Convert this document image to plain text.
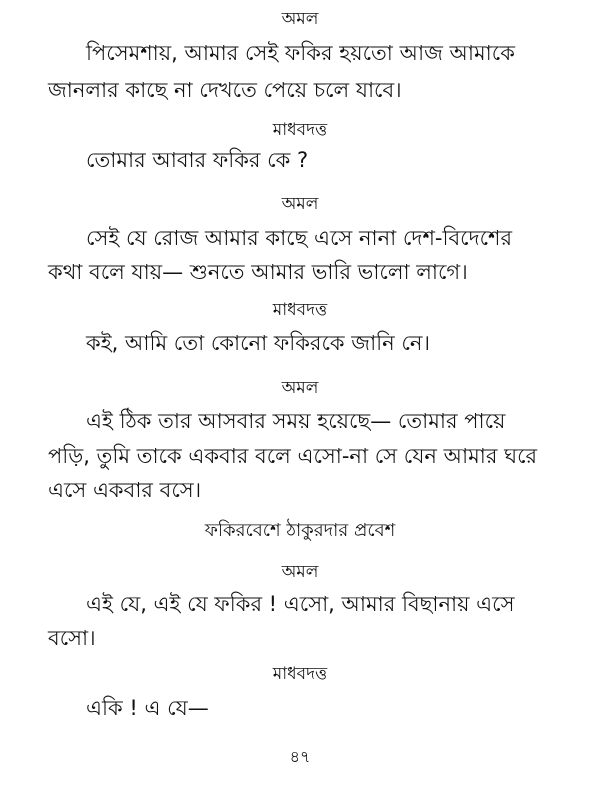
অমল
পিসেমশায়, আমার সেই ফকির হয়তো আজ আমাকে
জানলার কাছে না দেখতে পেয়ে চলে যাবে।
মাধবদত্ত
তোমার আবার ফকির কে ?
অমল
সেই যে রোজ আমার কাছে এসে নানা দেশ-বিদেশের
কথা বলে যায়— শুনতে আমার ভারি ভালো লাগে।
মাধবদত্ত
কই, আমি তো কোনো ফকিরকে জানি নে।
অমল
এই ঠিক তার আসবার সময় হয়েছে— তোমার পায়ে
পড়ি, তুমি তাকে একবার বলে এসো-না সে যেন আমার ঘরে
এসে একবার বসে।
ফকিরবেশে ঠাকুরদার প্রবেশ
অমল
এই যে, এই যে ফকির ! এসো, আমার বিছানায় এসে
বসো।
মাধবদত্ত
একি ! এ যে—
৪৭
